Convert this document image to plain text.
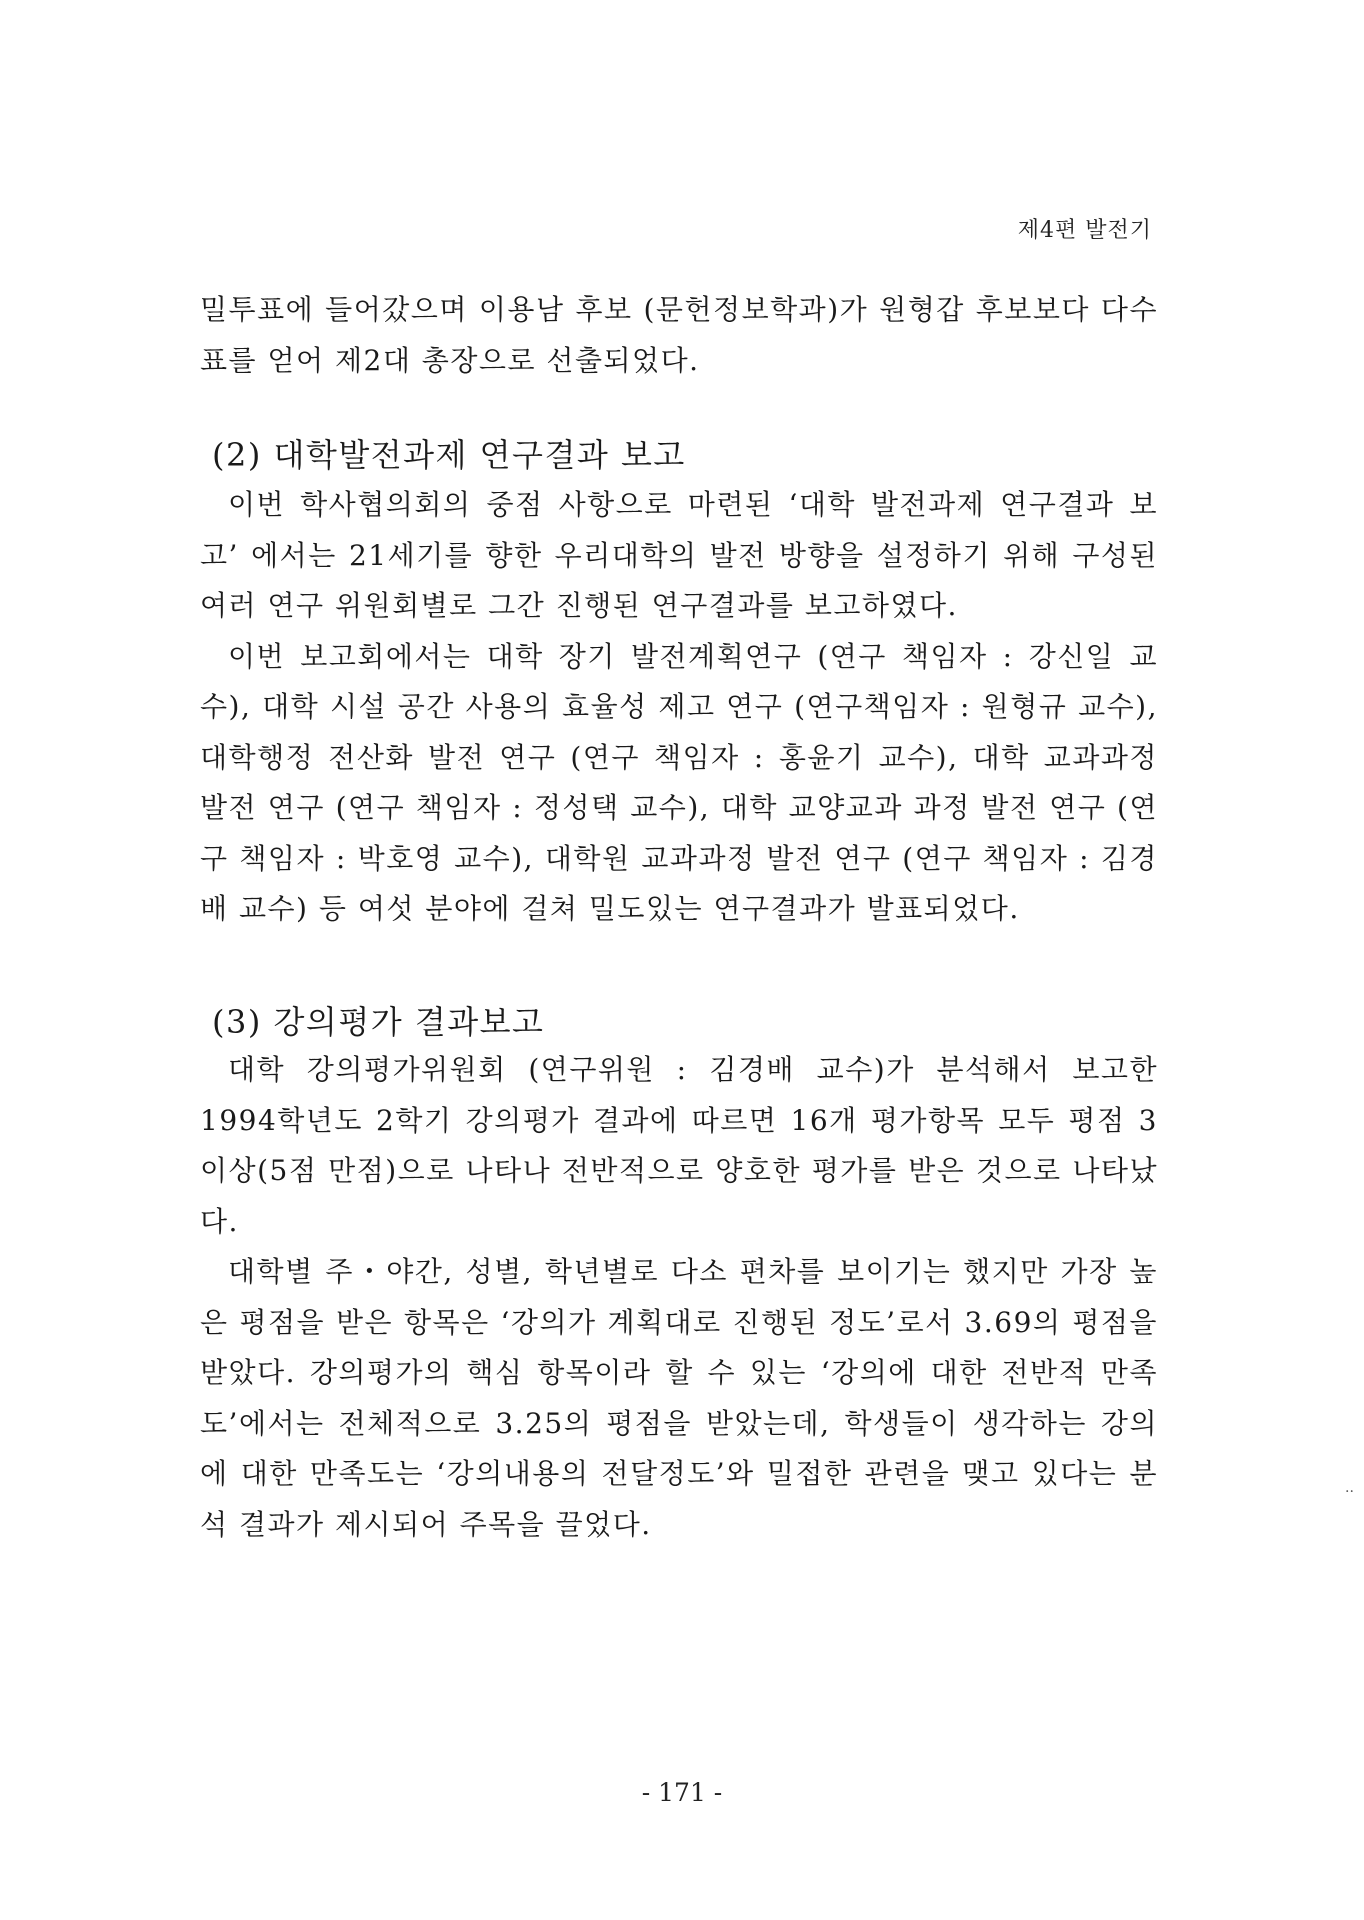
제4편 발전기

밀투표에 들어갔으며 이용남 후보 (문헌정보학과)가 원형갑 후보보다 다수표를 얻어 제2대 총장으로 선출되었다.

(2) 대학발전과제 연구결과 보고

이번 학사협의회의 중점 사항으로 마련된 ‘대학 발전과제 연구결과 보고’ 에서는 21세기를 향한 우리대학의 발전 방향을 설정하기 위해 구성된 여러 연구 위원회별로 그간 진행된 연구결과를 보고하였다.

이번 보고회에서는 대학 장기 발전계획연구 (연구 책임자 : 강신일 교수), 대학 시설 공간 사용의 효율성 제고 연구 (연구책임자 : 원형규 교수), 대학행정 전산화 발전 연구 (연구 책임자 : 홍윤기 교수), 대학 교과과정 발전 연구 (연구 책임자 : 정성택 교수), 대학 교양교과 과정 발전 연구 (연구 책임자 : 박호영 교수), 대학원 교과과정 발전 연구 (연구 책임자 : 김경배 교수) 등 여섯 분야에 걸쳐 밀도있는 연구결과가 발표되었다.

(3) 강의평가 결과보고

대학 강의평가위원회 (연구위원 : 김경배 교수)가 분석해서 보고한 1994학년도 2학기 강의평가 결과에 따르면 16개 평가항목 모두 평점 3이상(5점 만점)으로 나타나 전반적으로 양호한 평가를 받은 것으로 나타났다.

대학별 주・야간, 성별, 학년별로 다소 편차를 보이기는 했지만 가장 높은 평점을 받은 항목은 ‘강의가 계획대로 진행된 정도’로서 3.69의 평점을 받았다. 강의평가의 핵심 항목이라 할 수 있는 ‘강의에 대한 전반적 만족도’에서는 전체적으로 3.25의 평점을 받았는데, 학생들이 생각하는 강의에 대한 만족도는 ‘강의내용의 전달정도’와 밀접한 관련을 맺고 있다는 분석 결과가 제시되어 주목을 끌었다.

..
- 171 -
